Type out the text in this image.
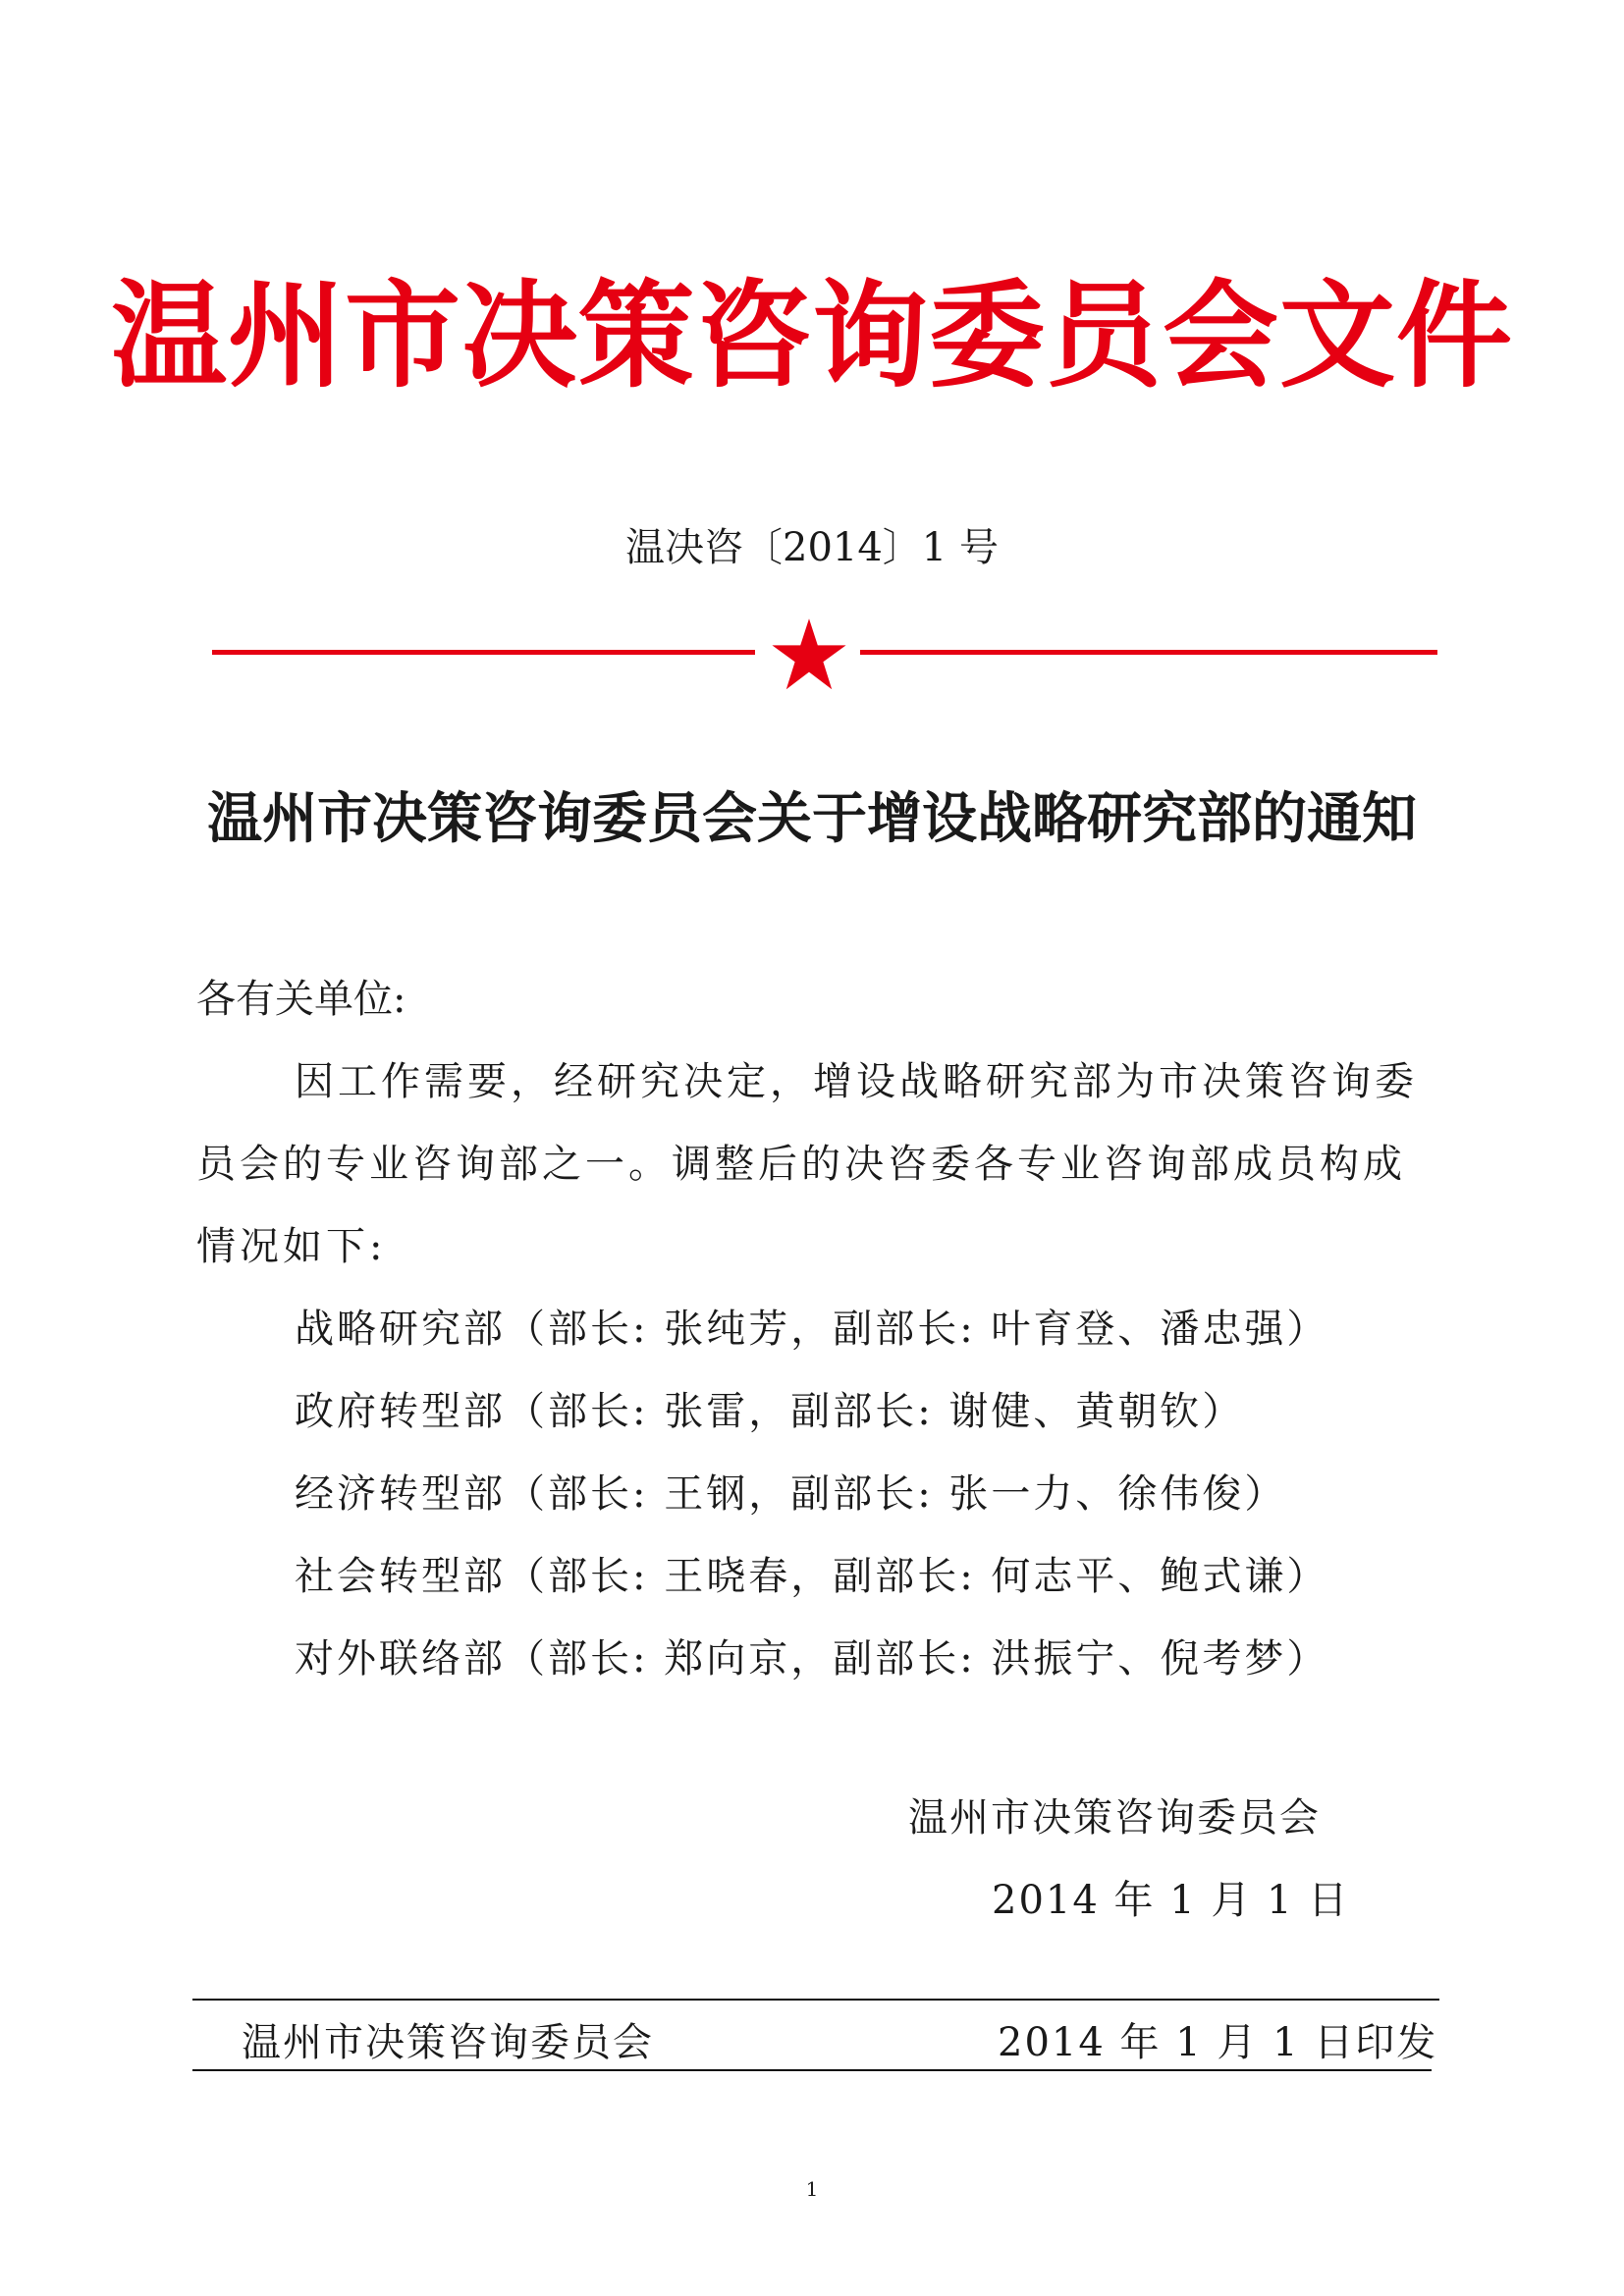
温州市决策咨询委员会文件
温决咨〔2014〕1 号
温州市决策咨询委员会关于增设战略研究部的通知
各有关单位:
因工作需要，经研究决定，增设战略研究部为市决策咨询委
员会的专业咨询部之一。调整后的决咨委各专业咨询部成员构成
情况如下:
战略研究部（部长: 张纯芳，副部长: 叶育登、潘忠强）
政府转型部（部长: 张雷，副部长: 谢健、黄朝钦）
经济转型部（部长: 王钢，副部长: 张一力、徐伟俊）
社会转型部（部长: 王晓春，副部长: 何志平、鲍式谦）
对外联络部（部长: 郑向京，副部长: 洪振宁、倪考梦）
温州市决策咨询委员会
2014 年 1 月 1 日
温州市决策咨询委员会	2014 年 1 月 1 日印发
1
